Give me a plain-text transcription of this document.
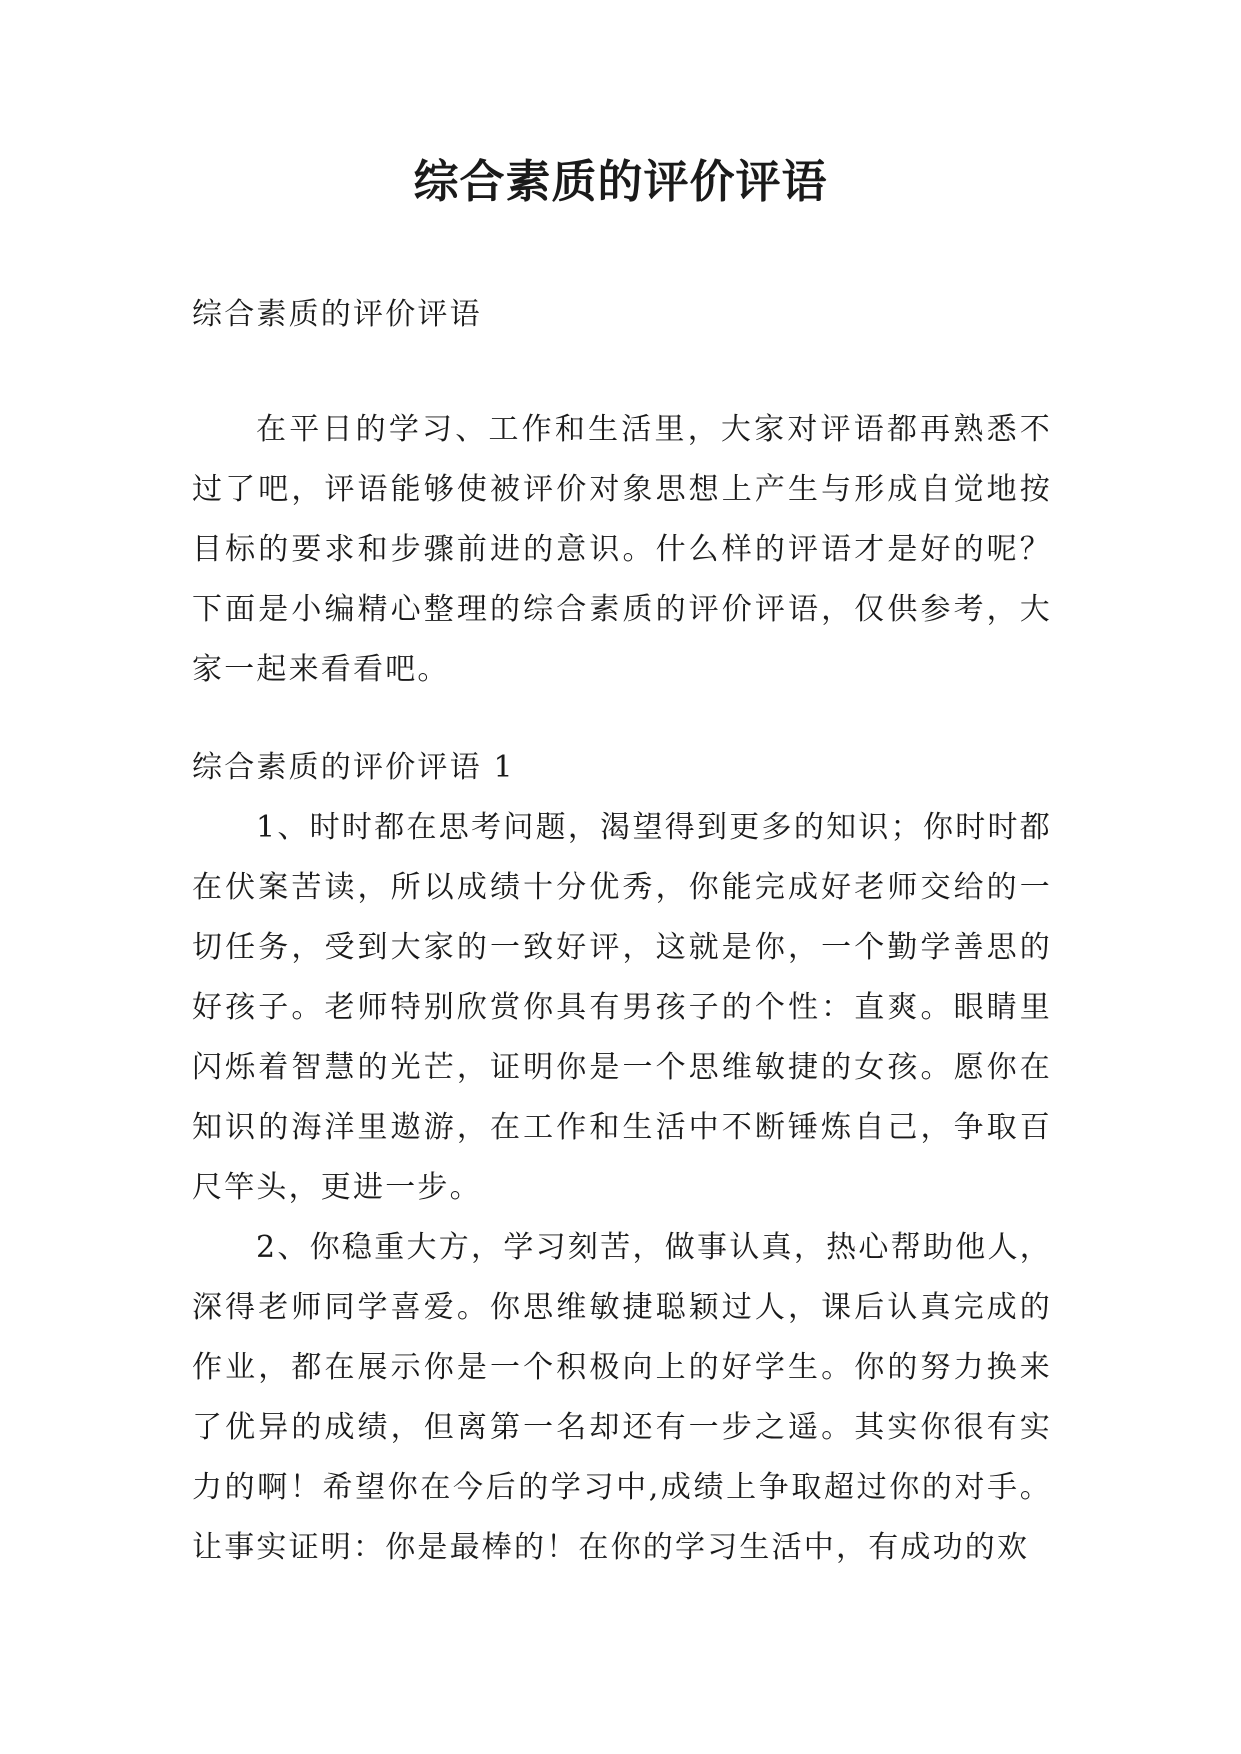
综合素质的评价评语

综合素质的评价评语

在平日的学习、工作和生活里，大家对评语都再熟悉不过了吧，评语能够使被评价对象思想上产生与形成自觉地按目标的要求和步骤前进的意识。什么样的评语才是好的呢？下面是小编精心整理的综合素质的评价评语，仅供参考，大家一起来看看吧。

综合素质的评价评语 1

1、时时都在思考问题，渴望得到更多的知识；你时时都在伏案苦读，所以成绩十分优秀，你能完成好老师交给的一切任务，受到大家的一致好评，这就是你，一个勤学善思的好孩子。老师特别欣赏你具有男孩子的个性：直爽。眼睛里闪烁着智慧的光芒，证明你是一个思维敏捷的女孩。愿你在知识的海洋里遨游，在工作和生活中不断锤炼自己，争取百尺竿头，更进一步。

2、你稳重大方，学习刻苦，做事认真，热心帮助他人，深得老师同学喜爱。你思维敏捷聪颖过人，课后认真完成的作业，都在展示你是一个积极向上的好学生。你的努力换来了优异的成绩，但离第一名却还有一步之遥。其实你很有实力的啊！希望你在今后的学习中,成绩上争取超过你的对手。让事实证明：你是最棒的！在你的学习生活中，有成功的欢
